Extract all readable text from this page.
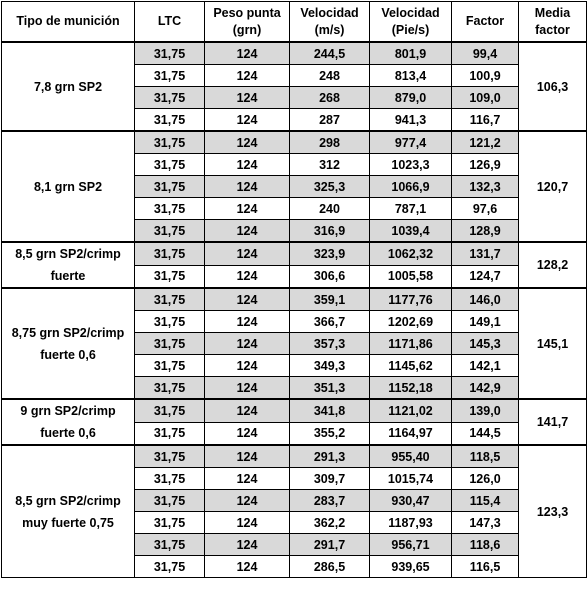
Tipo de munición	LTC	Peso punta (grn)	Velocidad (m/s)	Velocidad (Pie/s)	Factor	Media factor
7,8 grn SP2	31,75	124	244,5	801,9	99,4	106,3
	31,75	124	248	813,4	100,9	
	31,75	124	268	879,0	109,0	
	31,75	124	287	941,3	116,7	
8,1 grn SP2	31,75	124	298	977,4	121,2	120,7
	31,75	124	312	1023,3	126,9	
	31,75	124	325,3	1066,9	132,3	
	31,75	124	240	787,1	97,6	
	31,75	124	316,9	1039,4	128,9	
8,5 grn SP2/crimp fuerte	31,75	124	323,9	1062,32	131,7	128,2
	31,75	124	306,6	1005,58	124,7	
8,75 grn SP2/crimp fuerte 0,6	31,75	124	359,1	1177,76	146,0	145,1
	31,75	124	366,7	1202,69	149,1	
	31,75	124	357,3	1171,86	145,3	
	31,75	124	349,3	1145,62	142,1	
	31,75	124	351,3	1152,18	142,9	
9 grn SP2/crimp fuerte 0,6	31,75	124	341,8	1121,02	139,0	141,7
	31,75	124	355,2	1164,97	144,5	
8,5 grn SP2/crimp muy fuerte 0,75	31,75	124	291,3	955,40	118,5	123,3
	31,75	124	309,7	1015,74	126,0	
	31,75	124	283,7	930,47	115,4	
	31,75	124	362,2	1187,93	147,3	
	31,75	124	291,7	956,71	118,6	
	31,75	124	286,5	939,65	116,5	
